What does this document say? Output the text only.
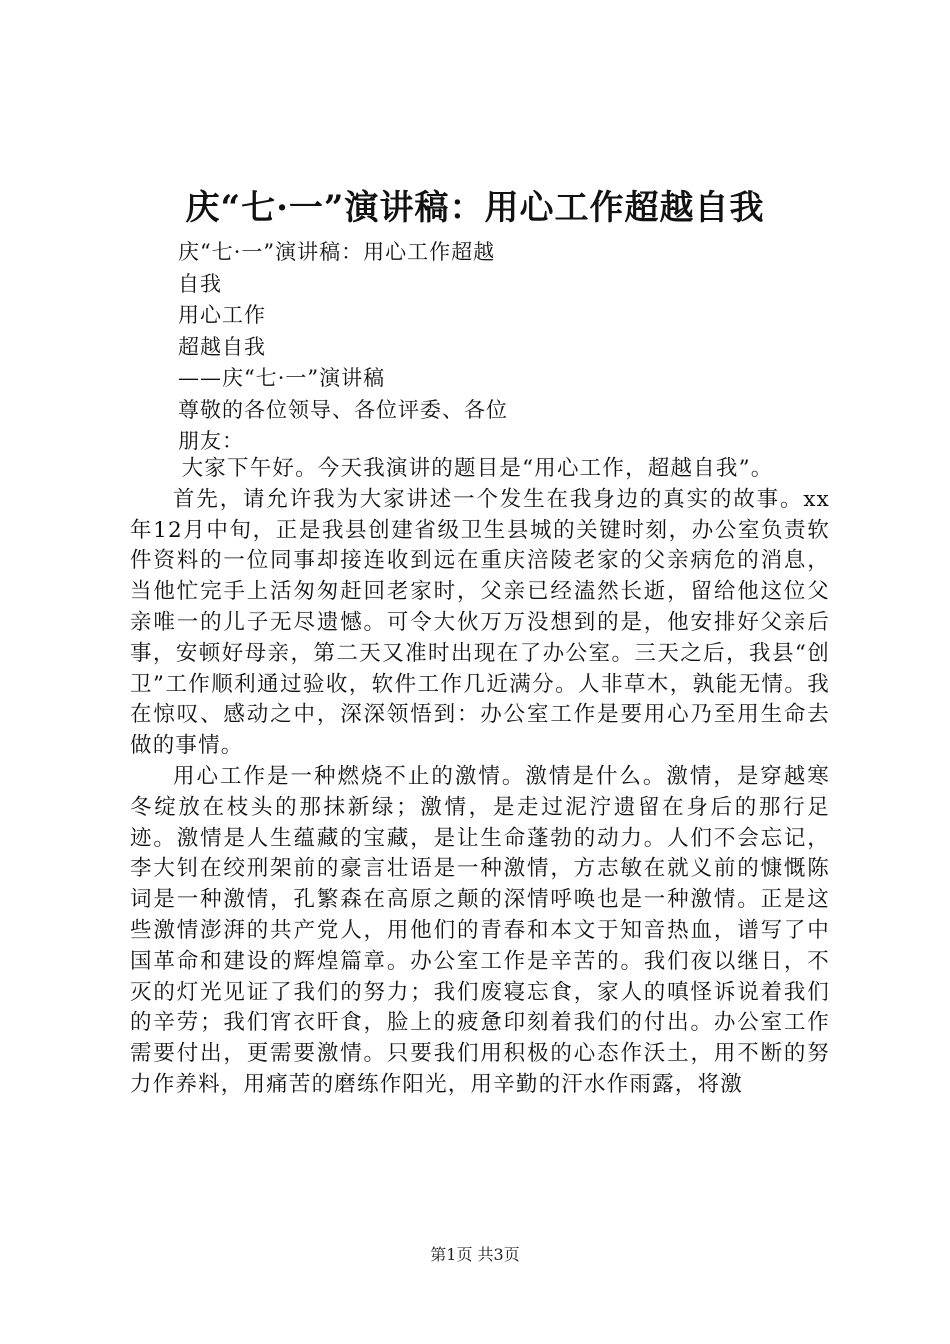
庆“七·一”演讲稿：用心工作超越自我
庆“七·一”演讲稿：用心工作超越
自我
用心工作
超越自我
——庆“七·一”演讲稿
尊敬的各位领导、各位评委、各位
朋友：

大家下午好。今天我演讲的题目是“用心工作，超越自我”。

首先，请允许我为大家讲述一个发生在我身边的真实的故事。xx年12月中旬，正是我县创建省级卫生县城的关键时刻，办公室负责软件资料的一位同事却接连收到远在重庆涪陵老家的父亲病危的消息，当他忙完手上活匆匆赶回老家时，父亲已经溘然长逝，留给他这位父亲唯一的儿子无尽遗憾。可令大伙万万没想到的是，他安排好父亲后事，安顿好母亲，第二天又准时出现在了办公室。三天之后，我县“创卫”工作顺利通过验收，软件工作几近满分。人非草木，孰能无情。我在惊叹、感动之中，深深领悟到：办公室工作是要用心乃至用生命去做的事情。

用心工作是一种燃烧不止的激情。激情是什么。激情，是穿越寒冬绽放在枝头的那抹新绿；激情，是走过泥泞遗留在身后的那行足迹。激情是人生蕴藏的宝藏，是让生命蓬勃的动力。人们不会忘记，李大钊在绞刑架前的豪言壮语是一种激情，方志敏在就义前的慷慨陈词是一种激情，孔繁森在高原之颠的深情呼唤也是一种激情。正是这些激情澎湃的共产党人，用他们的青春和本文于知音热血，谱写了中国革命和建设的辉煌篇章。办公室工作是辛苦的。我们夜以继日，不灭的灯光见证了我们的努力；我们废寝忘食，家人的嗔怪诉说着我们的辛劳；我们宵衣旰食，脸上的疲惫印刻着我们的付出。办公室工作需要付出，更需要激情。只要我们用积极的心态作沃土，用不断的努力作养料，用痛苦的磨练作阳光，用辛勤的汗水作雨露，将激

第1页 共3页
